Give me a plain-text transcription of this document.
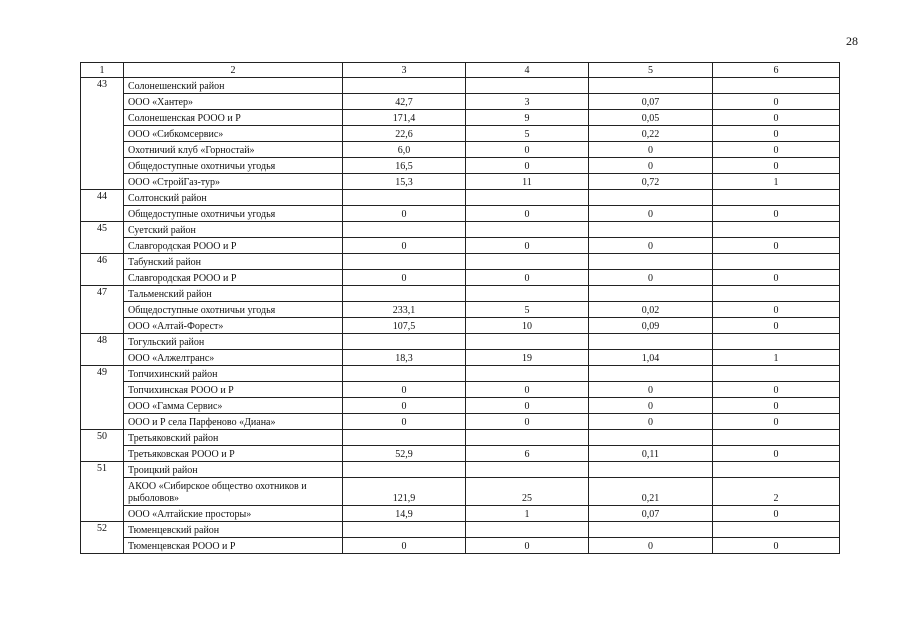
28
1	2	3	4	5	6
43	Солонешенский район				
	ООО «Хантер»	42,7	3	0,07	0
	Солонешенская РООО и Р	171,4	9	0,05	0
	ООО «Сибкомсервис»	22,6	5	0,22	0
	Охотничий клуб «Горностай»	6,0	0	0	0
	Общедоступные охотничьи угодья	16,5	0	0	0
	ООО «СтройГаз-тур»	15,3	11	0,72	1
44	Солтонский район				
	Общедоступные охотничьи угодья	0	0	0	0
45	Суетский район				
	Славгородская РООО и Р	0	0	0	0
46	Табунский район				
	Славгородская РООО и Р	0	0	0	0
47	Тальменский район				
	Общедоступные охотничьи угодья	233,1	5	0,02	0
	ООО «Алтай-Форест»	107,5	10	0,09	0
48	Тогульский район				
	ООО «Алжелтранс»	18,3	19	1,04	1
49	Топчихинский район				
	Топчихинская РООО и Р	0	0	0	0
	ООО «Гамма Сервис»	0	0	0	0
	ООО и Р села Парфеново «Диана»	0	0	0	0
50	Третьяковский район				
	Третьяковская РООО и Р	52,9	6	0,11	0
51	Троицкий район				
	АКОО «Сибирское общество охотников и рыболовов»	121,9	25	0,21	2
	ООО «Алтайские просторы»	14,9	1	0,07	0
52	Тюменцевский район				
	Тюменцевская РООО и Р	0	0	0	0
